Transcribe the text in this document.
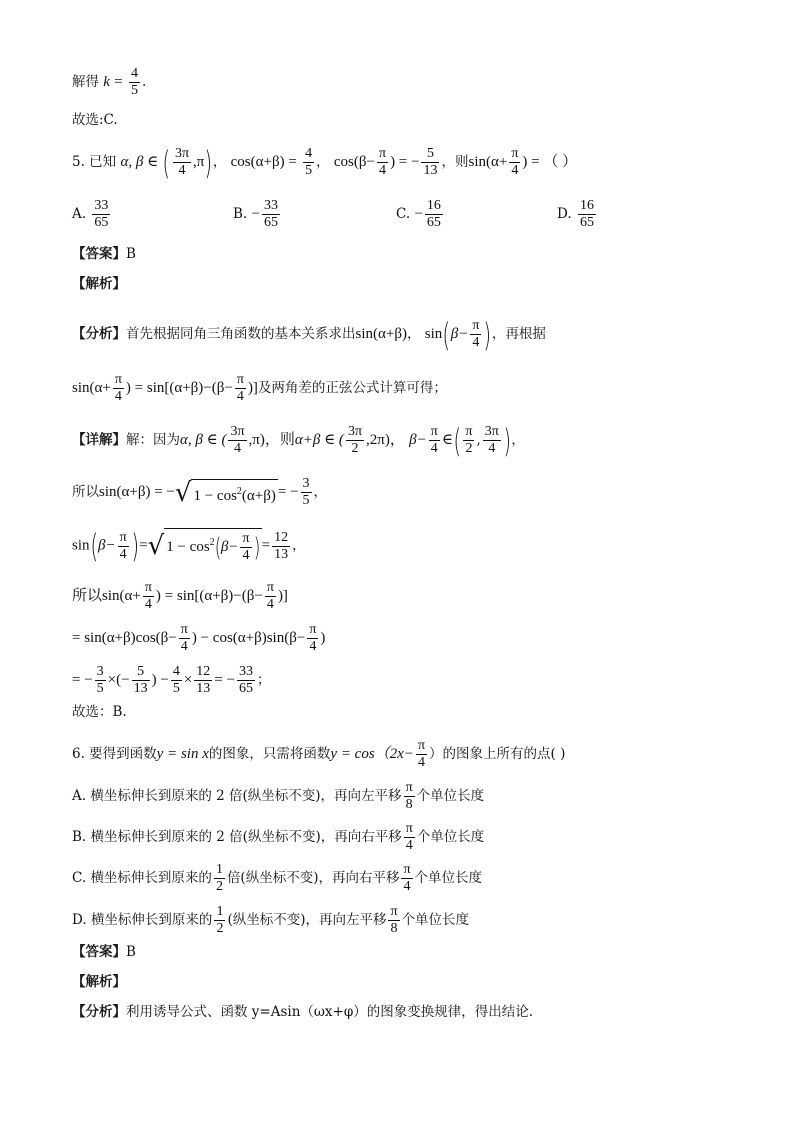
解得 $k = \frac{4}{5}$ .
故选:C.
5. 已知 α, β ∈ ( $\frac{3\pi}{4} ,\pi$)， $\cos(\alpha+\beta) = \frac{4}{5}$ ， $\cos(\beta- \frac{\pi}{4}$ ) = − $\frac{5}{13}$ ，则$\sin(\alpha+ \frac{\pi}{4}$ ) = （ ）
A. $\frac{33}{65}$	B. − $\frac{33}{65}$	C. − $\frac{16}{65}$	D. $\frac{16}{65}$
【答案】B
【解析】
【分析】首先根据同角三角函数的基本关系求出sin(α+β)， $\sin(\beta- \frac{\pi}{4}$ )，再根据
$\sin(\alpha+ \frac{\pi}{4}$ ) = $\sin[(\alpha+\beta)-(\beta- \frac{\pi}{4}$ )]及两角差的正弦公式计算可得；
【详解】解：因为α, β ∈ ( $\frac{3\pi}{4} ,\pi$)，则α+β ∈ ( $\frac{3\pi}{2} ,2\pi$)， $\beta- \frac{\pi}{4}$ ∈( $\frac{\pi}{2}$ , $\frac{3\pi}{4}$ )，
所以sin(α+β) = −√ $1 - \cos^2(\alpha+\beta)$ = − $\frac{3}{5}$ ，
$\sin(\beta- \frac{\pi}{4}$ )=√ $1 - \cos^2(\beta- \frac{\pi}{4}$ ) = $\frac{12}{13}$ ，
所以$\sin(\alpha+ \frac{\pi}{4}$ ) = $\sin[(\alpha+\beta)-(\beta- \frac{\pi}{4}$ )]
= $\sin(\alpha+\beta)\cos(\beta- \frac{\pi}{4}$ ) − $\cos(\alpha+\beta)\sin(\beta- \frac{\pi}{4}$ )
= − $\frac{3}{5}$ ×(− $\frac{5}{13}$ ) − $\frac{4}{5} \times \frac{12}{13}$ = − $\frac{33}{65}$ ；
故选：B.
6. 要得到函数y = sin x的图象，只需将函数$y = \cos(2x- \frac{\pi}{4}$ ）的图象上所有的点( )
A. 横坐标伸长到原来的 2 倍(纵坐标不变)，再向左平移 $\frac{\pi}{8}$ 个单位长度
B. 横坐标伸长到原来的 2 倍(纵坐标不变)，再向右平移 $\frac{\pi}{4}$ 个单位长度
C. 横坐标伸长到原来的 $\frac{1}{2}$ 倍(纵坐标不变)，再向右平移 $\frac{\pi}{4}$ 个单位长度
D. 横坐标伸长到原来的 $\frac{1}{2}$ (纵坐标不变)，再向左平移 $\frac{\pi}{8}$ 个单位长度
【答案】B
【解析】
【分析】利用诱导公式、函数 y=Asin（ωx+φ）的图象变换规律，得出结论.
